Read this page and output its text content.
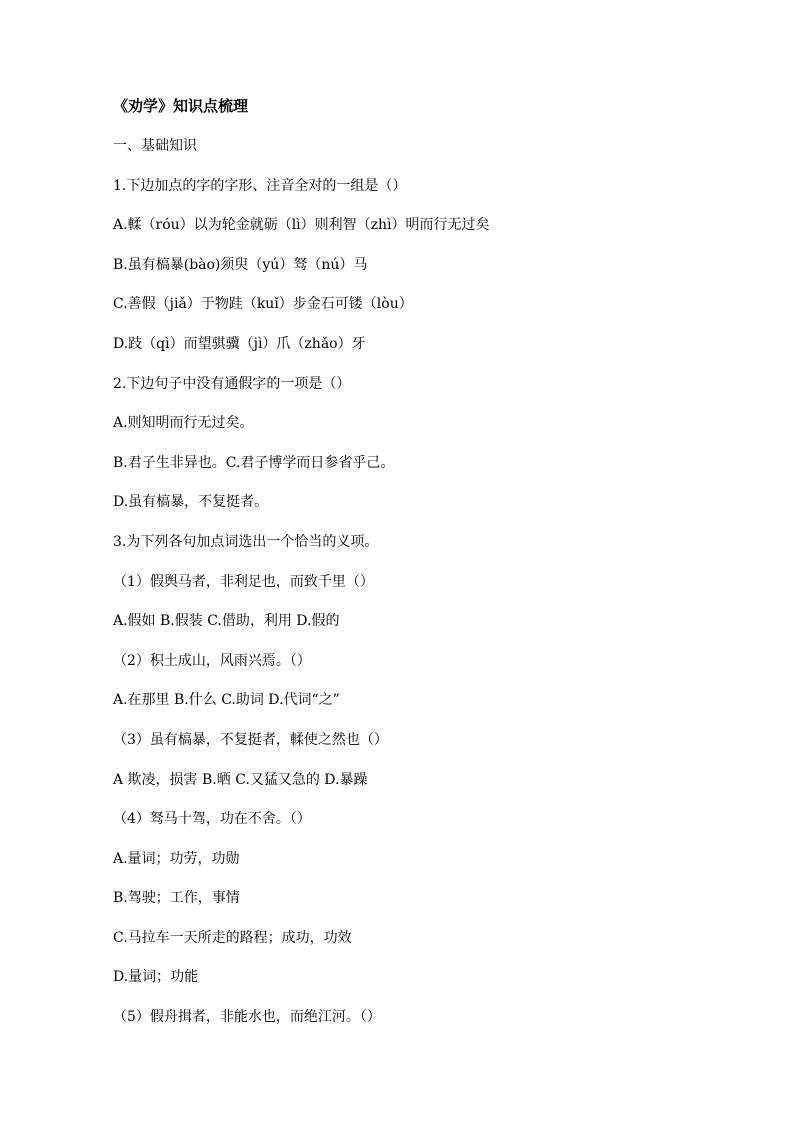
《劝学》知识点梳理
一、基础知识
1.下边加点的字的字形、注音全对的一组是（）
A.輮（róu）以为轮金就砺（lì）则利智（zhì）明而行无过矣
B.虽有槁暴(bào)须臾（yú）驽（nú）马
C.善假（jiǎ）于物跬（kuǐ）步金石可镂（lòu）
D.跂（qì）而望骐骥（jì）爪（zhǎo）牙
2.下边句子中没有通假字的一项是（）
A.则知明而行无过矣。
B.君子生非异也。C.君子博学而日参省乎己。
D.虽有槁暴，不复挺者。
3.为下列各句加点词选出一个恰当的义项。
（1）假舆马者，非利足也，而致千里（）
A.假如 B.假装 C.借助，利用 D.假的
（2）积土成山，风雨兴焉。（）
A.在那里 B.什么 C.助词 D.代词“之”
（3）虽有槁暴，不复挺者，輮使之然也（）
A 欺凌，损害 B.晒 C.又猛又急的 D.暴躁
（4）驽马十驾，功在不舍。（）
A.量词；功劳，功勋
B.驾驶；工作，事情
C.马拉车一天所走的路程；成功，功效
D.量词；功能
（5）假舟揖者，非能水也，而绝江河。（）
